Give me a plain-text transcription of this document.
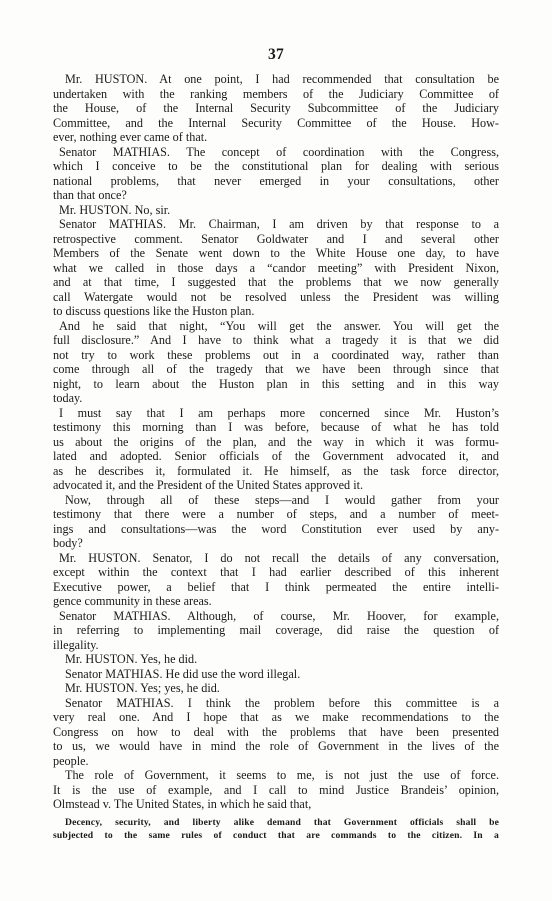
37
Mr. HUSTON. At one point, I had recommended that consultation be
undertaken with the ranking members of the Judiciary Committee of
the House, of the Internal Security Subcommittee of the Judiciary
Committee, and the Internal Security Committee of the House. How-
ever, nothing ever came of that.
Senator MATHIAS. The concept of coordination with the Congress,
which I conceive to be the constitutional plan for dealing with serious
national problems, that never emerged in your consultations, other
than that once?
Mr. HUSTON. No, sir.
Senator MATHIAS. Mr. Chairman, I am driven by that response to a
retrospective comment. Senator Goldwater and I and several other
Members of the Senate went down to the White House one day, to have
what we called in those days a “candor meeting” with President Nixon,
and at that time, I suggested that the problems that we now generally
call Watergate would not be resolved unless the President was willing
to discuss questions like the Huston plan.
And he said that night, “You will get the answer. You will get the
full disclosure.” And I have to think what a tragedy it is that we did
not try to work these problems out in a coordinated way, rather than
come through all of the tragedy that we have been through since that
night, to learn about the Huston plan in this setting and in this way
today.
I must say that I am perhaps more concerned since Mr. Huston’s
testimony this morning than I was before, because of what he has told
us about the origins of the plan, and the way in which it was formu-
lated and adopted. Senior officials of the Government advocated it, and
as he describes it, formulated it. He himself, as the task force director,
advocated it, and the President of the United States approved it.
Now, through all of these steps—and I would gather from your
testimony that there were a number of steps, and a number of meet-
ings and consultations—was the word Constitution ever used by any-
body?
Mr. HUSTON. Senator, I do not recall the details of any conversation,
except within the context that I had earlier described of this inherent
Executive power, a belief that I think permeated the entire intelli-
gence community in these areas.
Senator MATHIAS. Although, of course, Mr. Hoover, for example,
in referring to implementing mail coverage, did raise the question of
illegality.
Mr. HUSTON. Yes, he did.
Senator MATHIAS. He did use the word illegal.
Mr. HUSTON. Yes; yes, he did.
Senator MATHIAS. I think the problem before this committee is a
very real one. And I hope that as we make recommendations to the
Congress on how to deal with the problems that have been presented
to us, we would have in mind the role of Government in the lives of the
people.
The role of Government, it seems to me, is not just the use of force.
It is the use of example, and I call to mind Justice Brandeis’ opinion,
Olmstead v. The United States, in which he said that,
Decency, security, and liberty alike demand that Government officials shall be
subjected to the same rules of conduct that are commands to the citizen. In a
